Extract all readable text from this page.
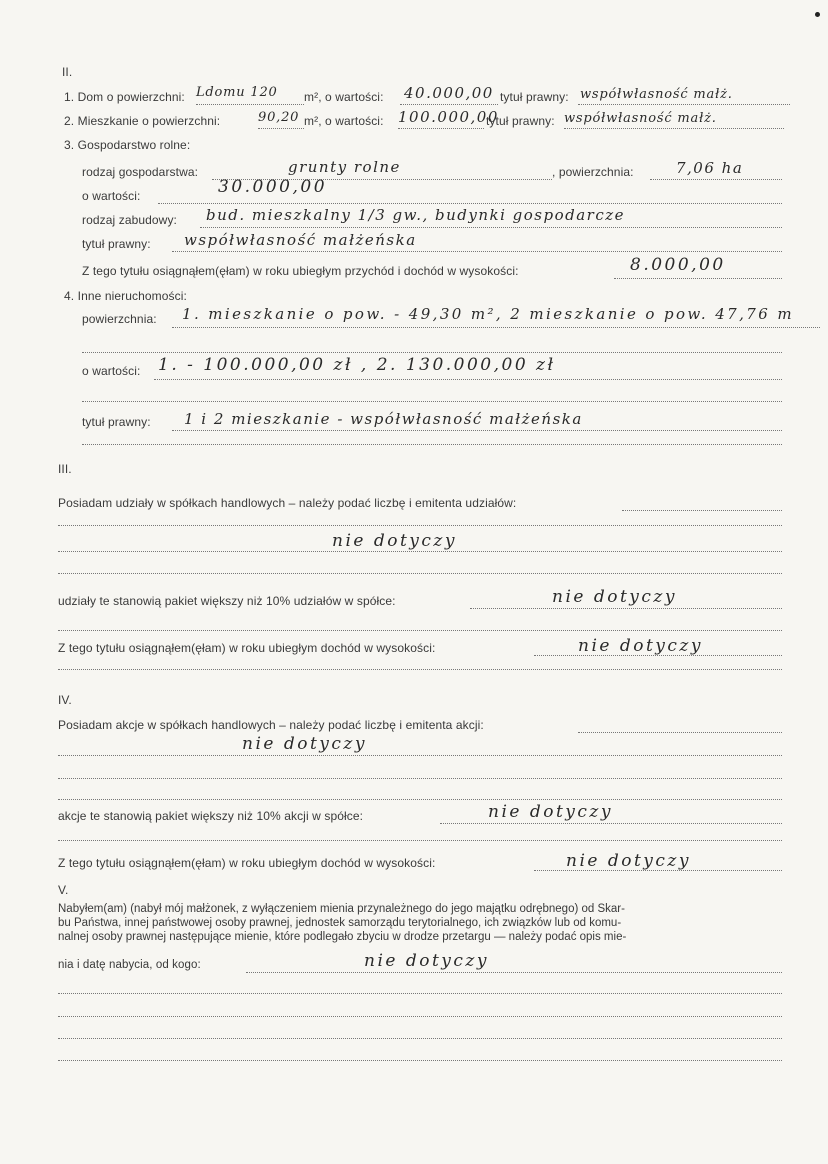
II.
1. Dom o powierzchni: Ldomu 120 m², o wartości: 40.000,00 tytuł prawny: współwłasność małż.
2. Mieszkanie o powierzchni:	90,20 m², o wartości: 100.000,00
tytuł prawny: współwłasność małż.
3. Gospodarstwo rolne:
rodzaj gospodarstwa:	grunty rolne	, powierzchnia:	7,06 ha
o wartości:	30.000,00
rodzaj zabudowy: bud. mieszkalny 1/3 gw., budynki gospodarcze
tytuł prawny: współwłasność małżeńska
Z tego tytułu osiągnąłem(ęłam) w roku ubiegłym przychód i dochód w wysokości:	8.000,00
4. Inne nieruchomości:
powierzchnia: 1. mieszkanie o pow. - 49,30 m², 2 mieszkanie o pow. 47,76 m
o wartości: 1. - 100.000,00 zł , 2. 130.000,00 zł
tytuł prawny: 1 i 2 mieszkanie - współwłasność małżeńska
III.
Posiadam udziały w spółkach handlowych – należy podać liczbę i emitenta udziałów:
nie dotyczy
udziały te stanowią pakiet większy niż 10% udziałów w spółce:	nie dotyczy
Z tego tytułu osiągnąłem(ęłam) w roku ubiegłym dochód w wysokości:	nie dotyczy
IV.
Posiadam akcje w spółkach handlowych – należy podać liczbę i emitenta akcji:
nie dotyczy
akcje te stanowią pakiet większy niż 10% akcji w spółce:	nie dotyczy
Z tego tytułu osiągnąłem(ęłam) w roku ubiegłym dochód w wysokości:	nie dotyczy
V.
Nabyłem(am) (nabył mój małżonek, z wyłączeniem mienia przynależnego do jego majątku odrębnego) od Skar-
bu Państwa, innej państwowej osoby prawnej, jednostek samorządu terytorialnego, ich związków lub od komu-
nalnej osoby prawnej następujące mienie, które podlegało zbyciu w drodze przetargu — należy podać opis mie-
nia i datę nabycia, od kogo:	nie dotyczy
